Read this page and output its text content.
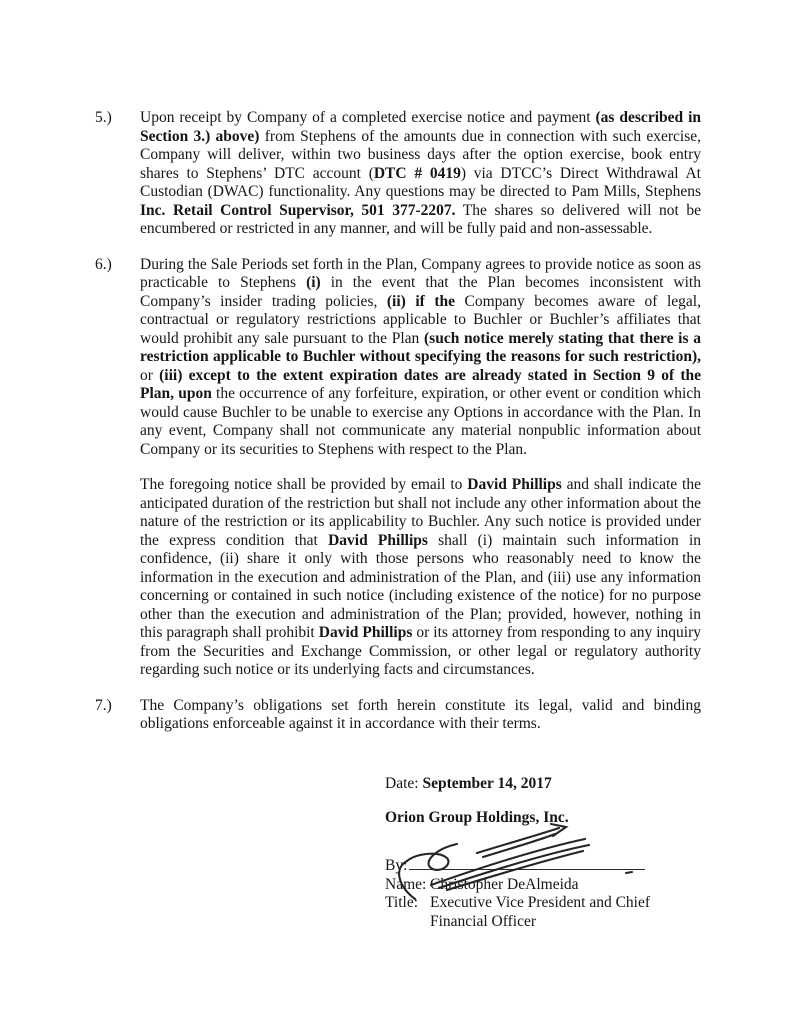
5.)	Upon receipt by Company of a completed exercise notice and payment (as described in Section 3.) above) from Stephens of the amounts due in connection with such exercise, Company will deliver, within two business days after the option exercise, book entry shares to Stephens’ DTC account (DTC # 0419) via DTCC’s Direct Withdrawal At Custodian (DWAC) functionality. Any questions may be directed to Pam Mills, Stephens Inc. Retail Control Supervisor, 501 377-2207. The shares so delivered will not be encumbered or restricted in any manner, and will be fully paid and non-assessable.
6.)	During the Sale Periods set forth in the Plan, Company agrees to provide notice as soon as practicable to Stephens (i) in the event that the Plan becomes inconsistent with Company’s insider trading policies, (ii) if the Company becomes aware of legal, contractual or regulatory restrictions applicable to Buchler or Buchler’s affiliates that would prohibit any sale pursuant to the Plan (such notice merely stating that there is a restriction applicable to Buchler without specifying the reasons for such restriction), or (iii) except to the extent expiration dates are already stated in Section 9 of the Plan, upon the occurrence of any forfeiture, expiration, or other event or condition which would cause Buchler to be unable to exercise any Options in accordance with the Plan. In any event, Company shall not communicate any material nonpublic information about Company or its securities to Stephens with respect to the Plan.
The foregoing notice shall be provided by email to David Phillips and shall indicate the anticipated duration of the restriction but shall not include any other information about the nature of the restriction or its applicability to Buchler. Any such notice is provided under the express condition that David Phillips shall (i) maintain such information in confidence, (ii) share it only with those persons who reasonably need to know the information in the execution and administration of the Plan, and (iii) use any information concerning or contained in such notice (including existence of the notice) for no purpose other than the execution and administration of the Plan; provided, however, nothing in this paragraph shall prohibit David Phillips or its attorney from responding to any inquiry from the Securities and Exchange Commission, or other legal or regulatory authority regarding such notice or its underlying facts and circumstances.
7.)	The Company’s obligations set forth herein constitute its legal, valid and binding obligations enforceable against it in accordance with their terms.
Date: September 14, 2017
Orion Group Holdings, Inc.
By:
Name: Christopher DeAlmeida
Title: Executive Vice President and Chief
Financial Officer
